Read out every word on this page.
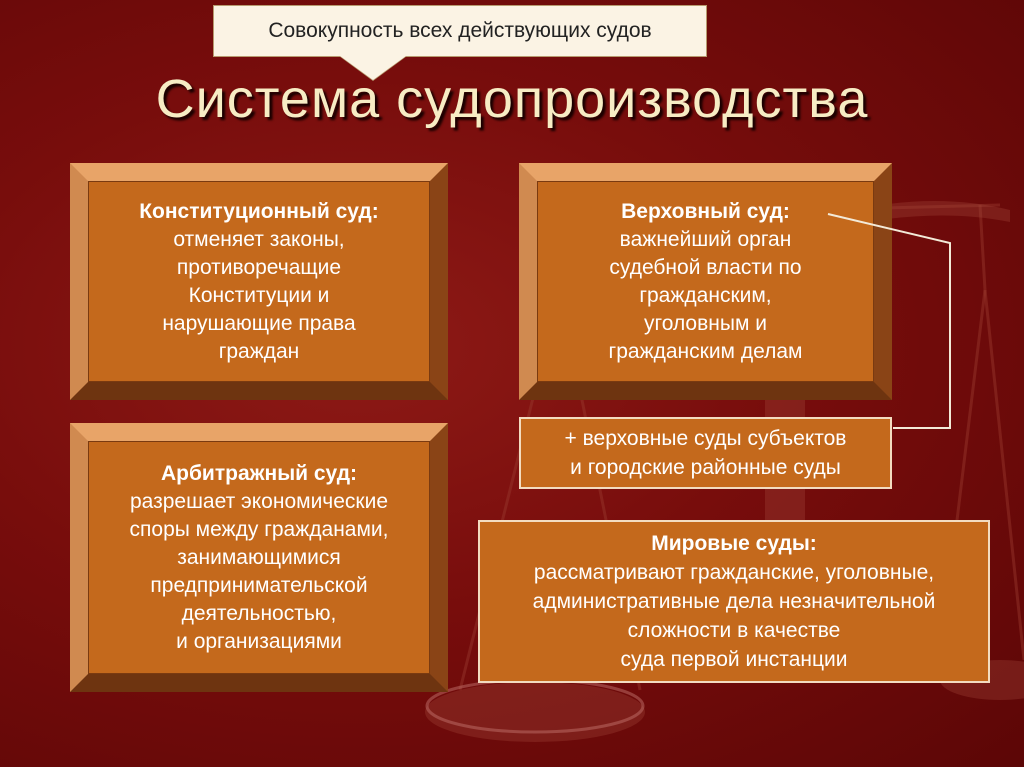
Совокупность всех действующих судов
Система судопроизводства
Конституционный суд:
отменяет законы,
противоречащие
Конституции и
нарушающие права
граждан
Верховный суд:
важнейший орган
судебной власти по
гражданским,
уголовным и
гражданским делам
Арбитражный суд:
разрешает экономические
споры между гражданами,
занимающимися
предпринимательской
деятельностью,
и организациями
+ верховные суды субъектов
и городские районные суды
Мировые суды:
рассматривают гражданские, уголовные,
административные дела незначительной
сложности в качестве
суда первой инстанции
